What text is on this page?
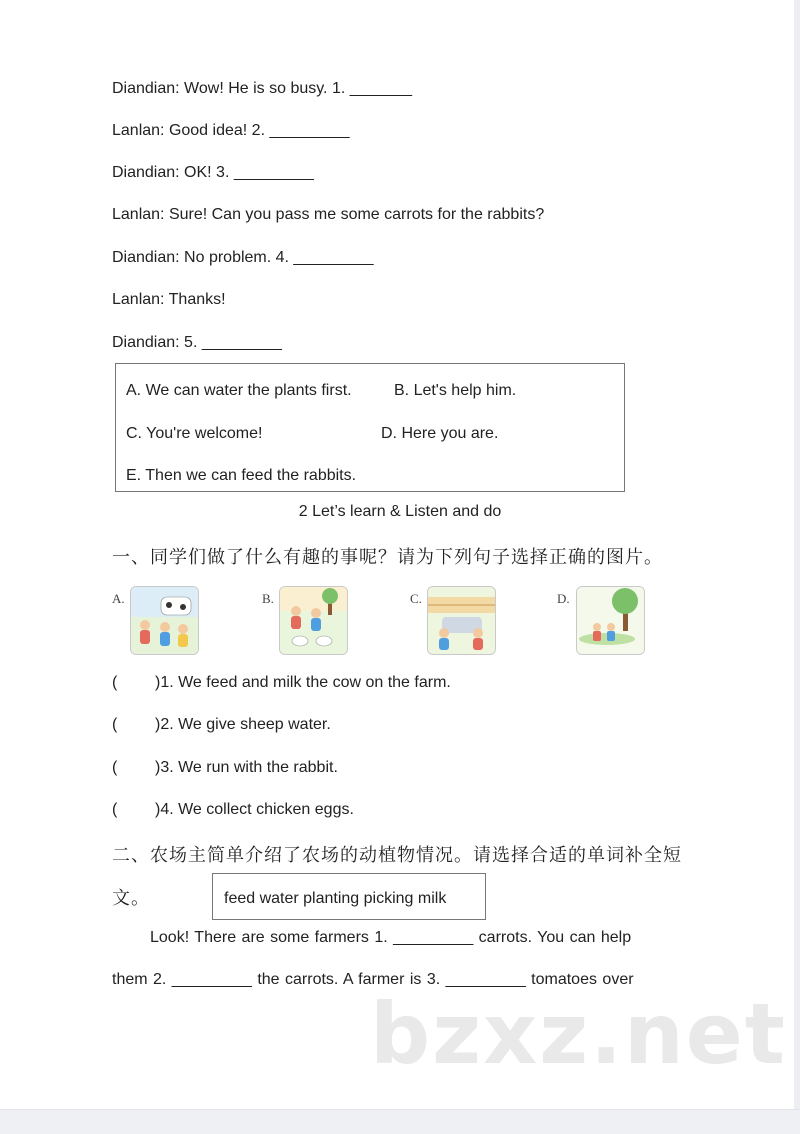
Diandian: Wow! He is so busy. 1. _______
Lanlan: Good idea! 2. _________
Diandian: OK! 3. _________
Lanlan: Sure! Can you pass me some carrots for the rabbits?
Diandian: No problem. 4. _________
Lanlan: Thanks!
Diandian: 5. _________
A. We can water the plants first.	B. Let's help him.
C. You're welcome!	D. Here you are.
E. Then we can feed the rabbits.
2 Let’s learn & Listen and do
一、同学们做了什么有趣的事呢？请为下列句子选择正确的图片。
A.	B.	C.	D.
( )1. We feed and milk the cow on the farm.
( )2. We give sheep water.
( )3. We run with the rabbit.
( )4. We collect chicken eggs.
二、农场主简单介绍了农场的动植物情况。请选择合适的单词补全短
文。	feed water planting picking milk
Look! There are some farmers 1. _________ carrots. You can help
them 2. _________ the carrots. A farmer is 3. _________ tomatoes over
bzxz.net
